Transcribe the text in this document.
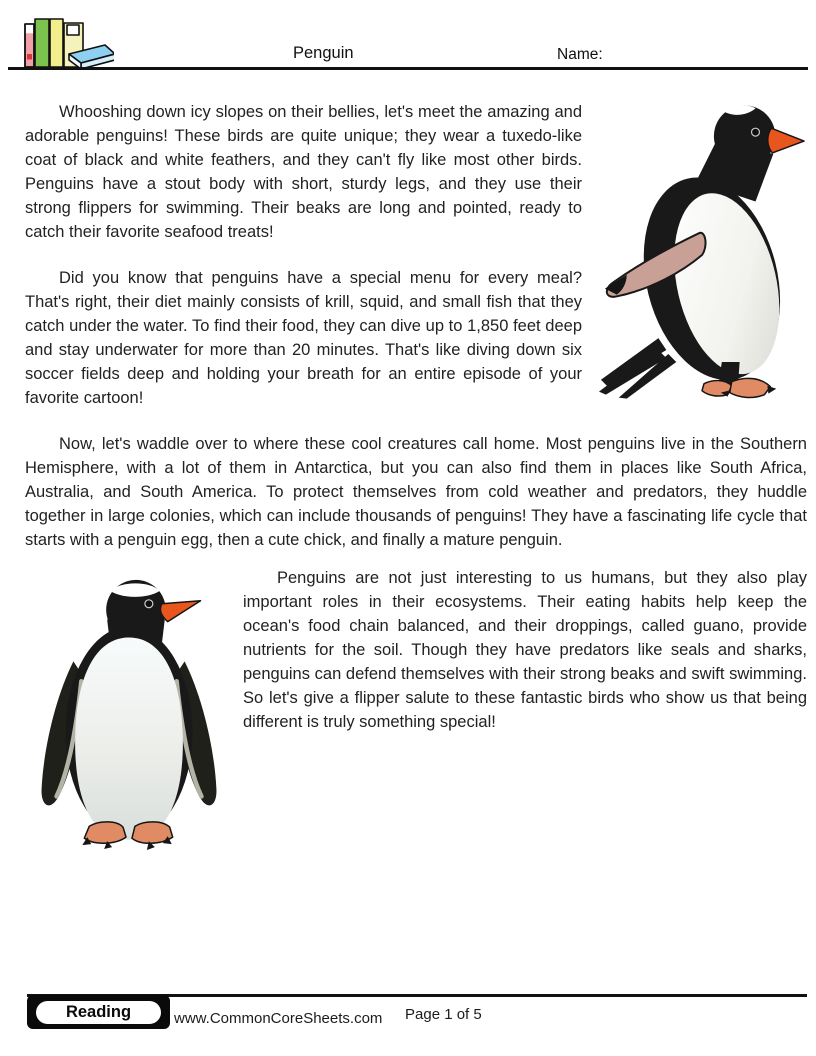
Penguin	Name:

Whooshing down icy slopes on their bellies, let's meet the amazing and adorable penguins! These birds are quite unique; they wear a tuxedo-like coat of black and white feathers, and they can't fly like most other birds. Penguins have a stout body with short, sturdy legs, and they use their strong flippers for swimming. Their beaks are long and pointed, ready to catch their favorite seafood treats!

Did you know that penguins have a special menu for every meal? That's right, their diet mainly consists of krill, squid, and small fish that they catch under the water. To find their food, they can dive up to 1,850 feet deep and stay underwater for more than 20 minutes. That's like diving down six soccer fields deep and holding your breath for an entire episode of your favorite cartoon!

Now, let's waddle over to where these cool creatures call home. Most penguins live in the Southern Hemisphere, with a lot of them in Antarctica, but you can also find them in places like South Africa, Australia, and South America. To protect themselves from cold weather and predators, they huddle together in large colonies, which can include thousands of penguins! They have a fascinating life cycle that starts with a penguin egg, then a cute chick, and finally a mature penguin.

Penguins are not just interesting to us humans, but they also play important roles in their ecosystems. Their eating habits help keep the ocean's food chain balanced, and their droppings, called guano, provide nutrients for the soil. Though they have predators like seals and sharks, penguins can defend themselves with their strong beaks and swift swimming. So let's give a flipper salute to these fantastic birds who show us that being different is truly something special!

Reading	www.CommonCoreSheets.com Page 1 of 5
